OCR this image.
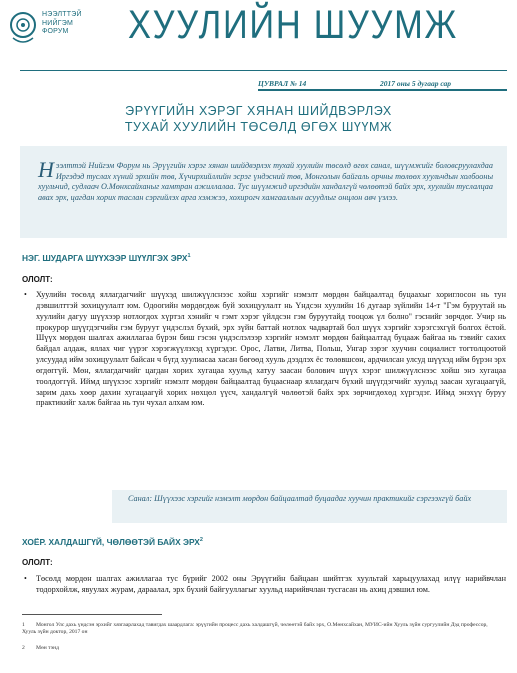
НЭЭЛТТЭЙ
НИЙГЭМ
ФОРУМ	ХУУЛИЙН ШУУМЖ
ЦУВРАЛ № 14	2017 оны 5 дугаар сар
ЭРҮҮГИЙН ХЭРЭГ ХЯНАН ШИЙДВЭРЛЭХ
ТУХАЙ ХУУЛИЙН ТӨСӨЛД ӨГӨХ ШҮҮМЖ
Нээлттэй Нийгэм Форум нь Эрүүгийн хэрэг хянан шийдвэрлэх тухай хуулийн төсөлд өгөх санал, шүүмжийг боловсруулахдаа Иргэдэд туслах хүний эрхийн төв, Хүчирхийллийн эсрэг үндэсний төв, Монголын байгаль орчны төлөөх хуульчдын холбооны хуульчид, судлаач О.Мөнхсайханыг хамтран ажиллалаа. Тус шүүмжид иргэдийн хандалгүй чөлөөтэй байх эрх, хуулийн туслалцаа авах эрх, цагдан хорих таслан сэргийлэх арга хэмжээ, хохирогч хамгааллын асуудлыг онцлон авч үзлээ.
НЭГ. ШУДАРГА ШҮҮХЭЭР ШҮҮЛГЭХ ЭРХ$^1$
ОЛОЛТ:
• Хуулийн төсөлд яллагдагчийг шүүхэд шилжүүлснээс хойш хэргийг нэмэлт мөрдөн байцаалтад буцаахыг хориглосон нь тун дэвшилттэй зохицуулалт юм. Одоогийн мөрдөгдөж буй зохицуулалт нь Үндсэн хуулийн 16 дугаар зүйлийн 14-т "Гэм буруутай нь хуулийн дагуу шүүхээр нотлогдох хүртэл хэнийг ч гэмт хэрэг үйлдсэн гэм буруутайд тооцож үл болно" гэснийг зөрчдөг. Учир нь прокурор шүүгдэгчийн гэм буруут үндэслэл бүхий, эрх зүйн баттай нотлох чадвартай бол шүүх хэргийг хэрэгсэхгүй болгох ёстой. Шүүх мөрдөн шалгах ажиллагаа бүрэн биш гэсэн үндэслэлээр хэргийг нэмэлт мөрдөн байцаалтад буцааж байгаа нь тэвийг сахих байдал алдаж, яллах чиг үүрэг хэрэгжүүлэхэд хүргэдэг. Орос, Латви, Литва, Польш, Унгар зэрэг хуучин социалист тогтолцоотой улсуудад ийм зохицуулалт байсан ч бүгд хуулиасаа хасан бөгөөд хууль дээдлэх ёс төлөвшсөн, ардчилсан улсуд шүүхэд ийм бүрэн эрх өгдөггүй. Мөн, яллагдагчийг цагдан хорих хугацаа хуульд хатуу заасан болович шүүх хэрэг шилжүүлснээс хойш энэ хугацаа тоолдоггүй. Иймд шүүхээс хэргийг нэмэлт мөрдөн байцаалтад буцааснаар яллагдагч бүхий шүүгдэгчийг хуульд заасан хугацаагүй, зарим дахь хөөр дахин хугацаагүй хорих нөхцөл үүсч, хандалгүй чөлөөтэй байх эрх зөрчигдөхөд хүргэдэг. Иймд энэхүү буруу практикийг халж байгаа нь тун чухал алхам юм.
Санал: Шүүхээс хэргийг нэмэлт мөрдөн байцаалтад буцаадаг хуучин практикийг сэргээхгүй байх
ХОЁР. ХАЛДАШГҮЙ, ЧӨЛӨӨТЭЙ БАЙХ ЭРХ$^2$
ОЛОЛТ:
• Төсөлд мөрдөн шалгах ажиллагаа тус бүрийг 2002 оны Эрүүгийн байцаан шийтгэх хуультай харьцуулахад илүү нарийвчлан тодорхойлж, явуулах журам, дараалал, эрх бүхий байгууллагыг хуульд нарийвчлан тусгасан нь ахиц дэвшил юм.
1 Монгол Улс дахь үндсэн эрхийг хязгаарлахад тавигдах шаардлага: эрүүгийн процесс дахь халдашгүй, чөлөөтэй байх эрх, О.Мөнхсайхан, МУИС-ийн Хууль зүйн сургуулийн Дэд профессор, Хууль зүйн доктор, 2017 он
2 Мөн тэнд
